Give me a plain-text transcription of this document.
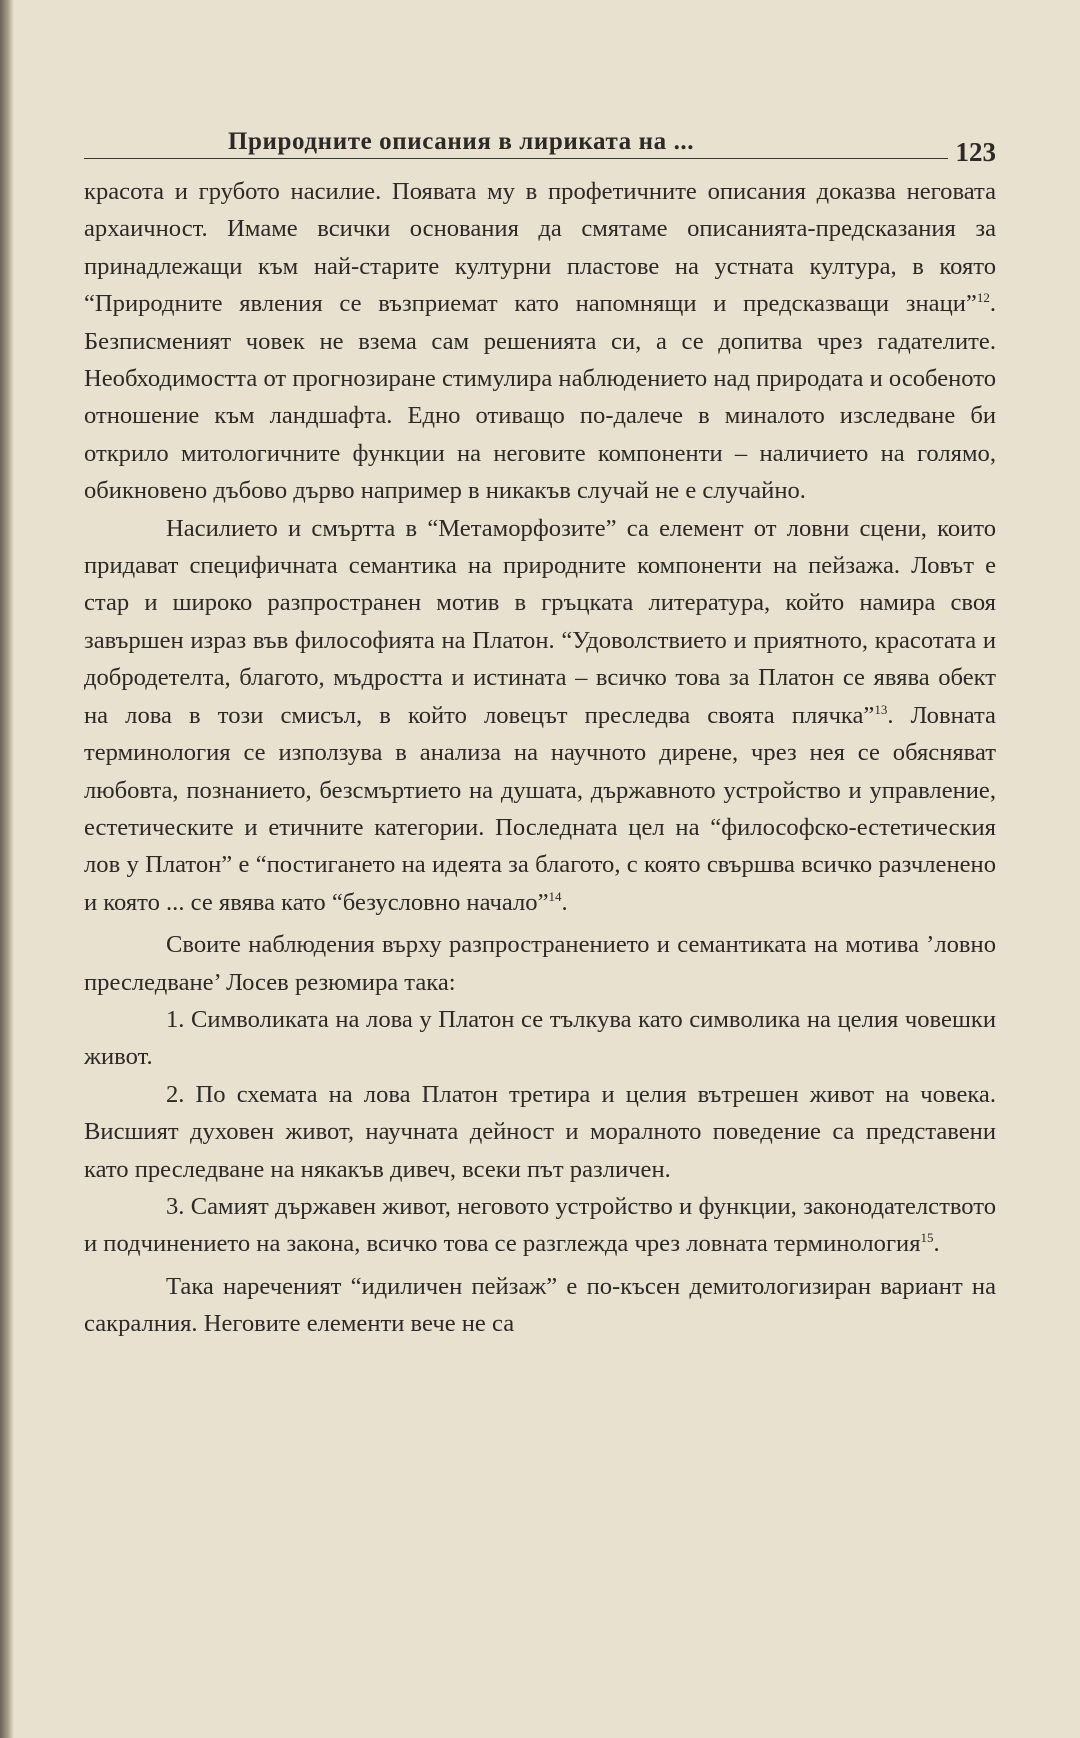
Природните описания в лириката на ...	123

красота и грубото насилие. Появата му в профетичните описания доказва неговата архаичност. Имаме всички основания да смятаме описанията-предсказания за принадлежащи към най-старите културни пластове на устната култура, в която “Природните явления се възприемат като напомнящи и предсказващи знаци”$^{12}$. Безписменият човек не взема сам решенията си, а се допитва чрез гадателите. Необходимостта от прогнозиране стимулира наблюдението над природата и особеното отношение към ландшафта. Едно отиващо по-далече в миналото изследване би открило митологичните функции на неговите компоненти – наличието на голямо, обикновено дъбово дърво например в никакъв случай не е случайно.

Насилието и смъртта в “Метаморфозите” са елемент от ловни сцени, които придават специфичната семантика на природните компоненти на пейзажа. Ловът е стар и широко разпространен мотив в гръцката литература, който намира своя завършен израз във философията на Платон. “Удоволствието и приятното, красотата и добродетелта, благото, мъдростта и истината – всичко това за Платон се явява обект на лова в този смисъл, в който ловецът преследва своята плячка”$^{13}$. Ловната терминология се използува в анализа на научното дирене, чрез нея се обясняват любовта, познанието, безсмъртието на душата, държавното устройство и управление, естетическите и етичните категории. Последната цел на “философско-естетическия лов у Платон” е “постигането на идеята за благото, с която свършва всичко разчленено и която ... се явява като “безусловно начало”$^{14}$.

Своите наблюдения върху разпространението и семантиката на мотива ’ловно преследване’ Лосев резюмира така:

1. Символиката на лова у Платон се тълкува като символика на целия човешки живот.

2. По схемата на лова Платон третира и целия вътрешен живот на човека. Висшият духовен живот, научната дейност и моралното поведение са представени като преследване на някакъв дивеч, всеки път различен.

3. Самият държавен живот, неговото устройство и функции, законодателството и подчинението на закона, всичко това се разглежда чрез ловната терминология$^{15}$.

Така нареченият “идиличен пейзаж” е по-късен демитологизиран вариант на сакралния. Неговите елементи вече не са
